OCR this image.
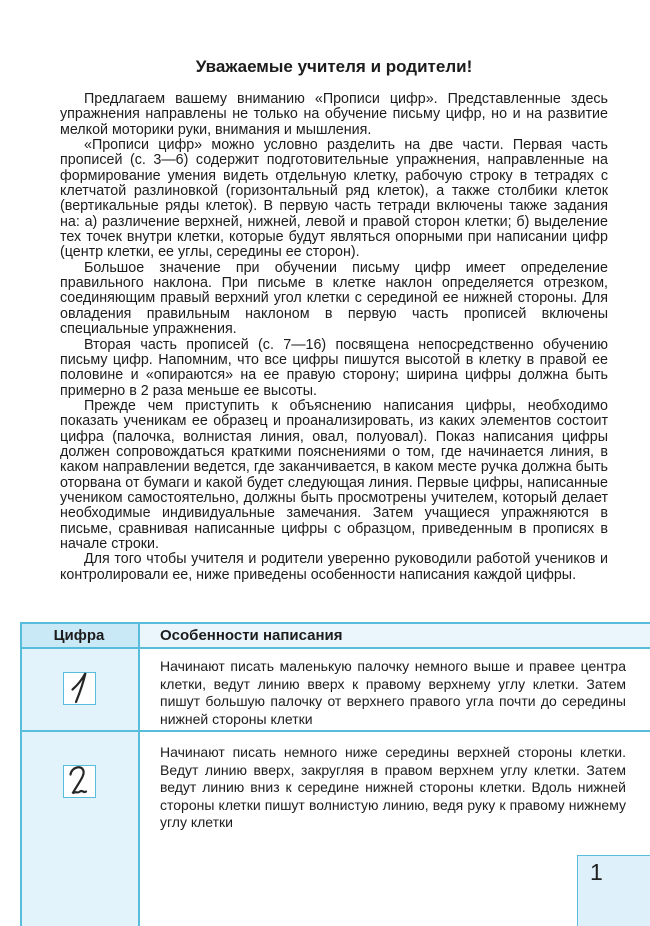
Уважаемые учителя и родители!

Предлагаем вашему вниманию «Прописи цифр». Представленные здесь упражнения направлены не только на обучение письму цифр, но и на развитие мелкой моторики руки, внимания и мышления.

«Прописи цифр» можно условно разделить на две части. Первая часть прописей (с. 3—6) содержит подготовительные упражнения, направленные на формирование умения видеть отдельную клетку, рабочую строку в тетрадях с клетчатой разлиновкой (горизонтальный ряд клеток), а также столбики клеток (вертикальные ряды клеток). В первую часть тетради включены также задания на: а) различение верхней, нижней, левой и правой сторон клетки; б) выделение тех точек внутри клетки, которые будут являться опорными при написании цифр (центр клетки, ее углы, середины ее сторон).

Большое значение при обучении письму цифр имеет определение правильного наклона. При письме в клетке наклон определяется отрезком, соединяющим правый верхний угол клетки с серединой ее нижней стороны. Для овладения правильным наклоном в первую часть прописей включены специальные упражнения.

Вторая часть прописей (с. 7—16) посвящена непосредственно обучению письму цифр. Напомним, что все цифры пишутся высотой в клетку в правой ее половине и «опираются» на ее правую сторону; ширина цифры должна быть примерно в 2 раза меньше ее высоты.

Прежде чем приступить к объяснению написания цифры, необходимо показать ученикам ее образец и проанализировать, из каких элементов состоит цифра (палочка, волнистая линия, овал, полуовал). Показ написания цифры должен сопровождаться краткими пояснениями о том, где начинается линия, в каком направлении ведется, где заканчивается, в каком месте ручка должна быть оторвана от бумаги и какой будет следующая линия. Первые цифры, написанные учеником самостоятельно, должны быть просмотрены учителем, который делает необходимые индивидуальные замечания. Затем учащиеся упражняются в письме, сравнивая написанные цифры с образцом, приведенным в прописях в начале строки.

Для того чтобы учителя и родители уверенно руководили работой учеников и контролировали ее, ниже приведены особенности написания каждой цифры.

Цифра	Особенности написания
Начинают писать маленькую палочку немного выше и правее центра клетки, ведут линию вверх к правому верхнему углу клетки. Затем пишут большую палочку от верхнего правого угла почти до середины нижней стороны клетки
Начинают писать немного ниже середины верхней стороны клетки. Ведут линию вверх, закругляя в правом верхнем углу клетки. Затем ведут линию вниз к середине нижней стороны клетки. Вдоль нижней стороны клетки пишут волнистую линию, ведя руку к правому нижнему углу клетки
1
